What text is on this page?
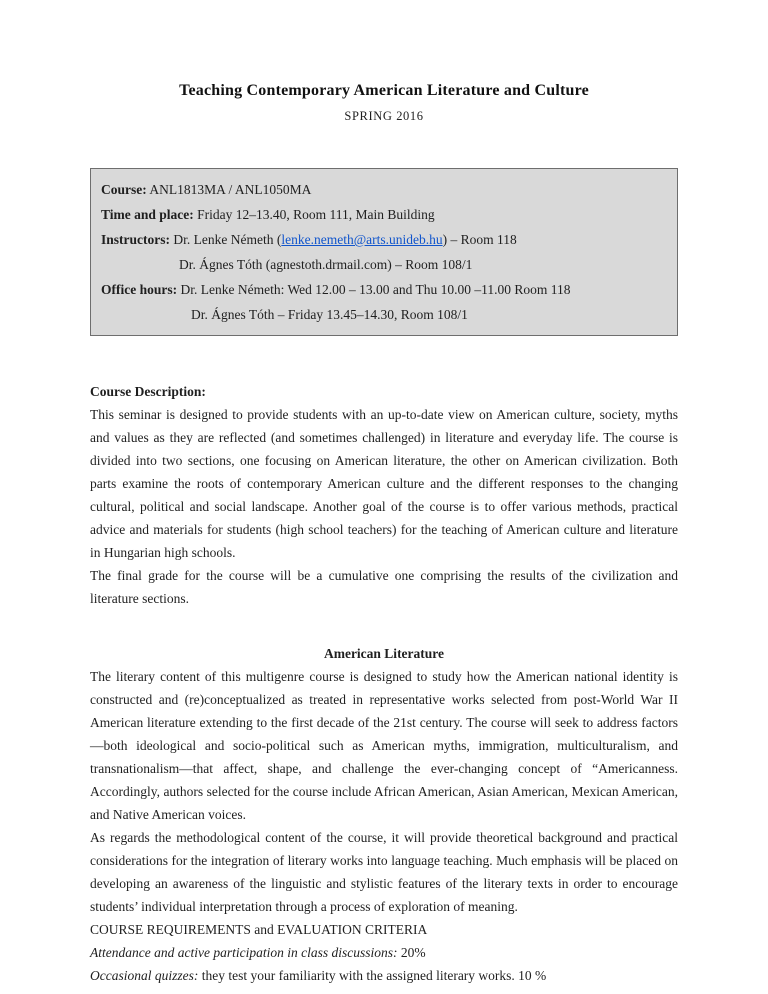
Teaching Contemporary American Literature and Culture
SPRING 2016
Course: ANL1813MA / ANL1050MA
Time and place: Friday 12–13.40, Room 111, Main Building
Instructors: Dr. Lenke Németh (lenke.nemeth@arts.unideb.hu) – Room 118
Dr. Ágnes Tóth (agnestoth.drmail.com) – Room 108/1
Office hours: Dr. Lenke Németh: Wed 12.00 – 13.00 and Thu 10.00 –11.00 Room 118
Dr. Ágnes Tóth – Friday 13.45–14.30, Room 108/1
Course Description:

This seminar is designed to provide students with an up-to-date view on American culture, society, myths and values as they are reflected (and sometimes challenged) in literature and everyday life. The course is divided into two sections, one focusing on American literature, the other on American civilization. Both parts examine the roots of contemporary American culture and the different responses to the changing cultural, political and social landscape. Another goal of the course is to offer various methods, practical advice and materials for students (high school teachers) for the teaching of American culture and literature in Hungarian high schools.

The final grade for the course will be a cumulative one comprising the results of the civilization and literature sections.

American Literature

The literary content of this multigenre course is designed to study how the American national identity is constructed and (re)conceptualized as treated in representative works selected from post-World War II American literature extending to the first decade of the 21st century. The course will seek to address factors—both ideological and socio-political such as American myths, immigration, multiculturalism, and transnationalism—that affect, shape, and challenge the ever-changing concept of “Americanness. Accordingly, authors selected for the course include African American, Asian American, Mexican American, and Native American voices.

As regards the methodological content of the course, it will provide theoretical background and practical considerations for the integration of literary works into language teaching. Much emphasis will be placed on developing an awareness of the linguistic and stylistic features of the literary texts in order to encourage students’ individual interpretation through a process of exploration of meaning.

COURSE REQUIREMENTS and EVALUATION CRITERIA
Attendance and active participation in class discussions: 20%
Occasional quizzes: they test your familiarity with the assigned literary works. 10 %
